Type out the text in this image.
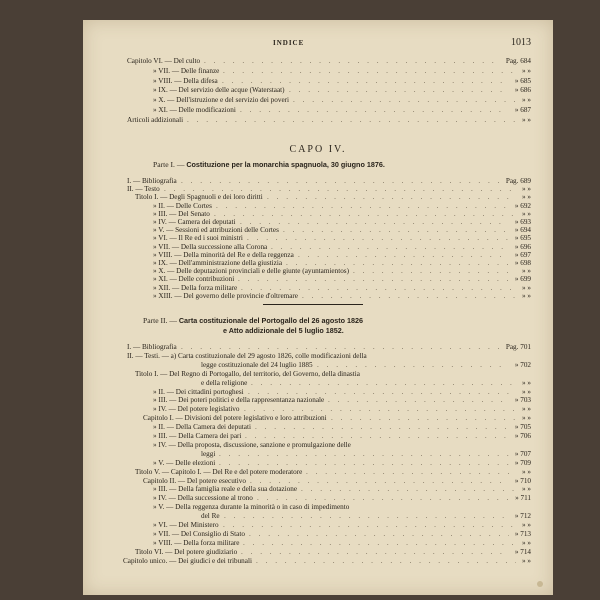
INDICE	1013
Capitolo VI. — Del culto	Pag. 684
. . .
» VII. — Delle finanze	» »
. . .
» VIII. — Della difesa	» 685
. . .
» IX. — Del servizio delle acque (Waterstaat)	» 686
. . .
» X. — Dell'istruzione e del servizio dei poveri	» »
. . .
» XI. — Delle modificazioni	» 687
. . .
Articoli addizionali	» »
. . .
CAPO IV.
Parte I. — Costituzione per la monarchia spagnuola, 30 giugno 1876.
I. — Bibliografia	Pag. 689
. . .
II. — Testo	» »
. . .
Titolo I. — Degli Spagnuoli e dei loro diritti	» »
. . .
» II. — Delle Cortes	» 692
. . .
» III. — Del Senato	» »
. . .
» IV. — Camera dei deputati	» 693
. . .
» V. — Sessioni ed attribuzioni delle Cortes	» 694
. . .
» VI. — Il Re ed i suoi ministri	» 695
. . .
» VII. — Della successione alla Corona	» 696
. . .
» VIII. — Della minorità del Re e della reggenza	» 697
. . .
» IX. — Dell'amministrazione della giustizia	» 698
. . .
» X. — Delle deputazioni provinciali e delle giunte (ayuntamientos)	» »
. . .
» XI. — Delle contribuzioni	» 699
. . .
» XII. — Della forza militare	» »
. . .
» XIII. — Del governo delle provincie d'oltremare	» »
. . .
Parte II. — Carta costituzionale del Portogallo del 26 agosto 1826
e Atto addizionale del 5 luglio 1852.
I. — Bibliografia	Pag. 701
. . .
II. — Testi. — a) Carta costituzionale del 29 agosto 1826, colle modificazioni della
legge costituzionale del 24 luglio 1885	» 702
. . .
Titolo I. — Del Regno di Portogallo, del territorio, del Governo, della dinastia
e della religione	» »
. . .
» II. — Dei cittadini portoghesi	» »
. . .
» III. — Dei poteri politici e della rappresentanza nazionale	» 703
. . .
» IV. — Del potere legislativo	» »
. . .
Capitolo I. — Divisioni del potere legislativo e loro attribuzioni	» »
. . .
» II. — Della Camera dei deputati	» 705
. . .
» III. — Della Camera dei pari	» 706
. . .
» IV. — Della proposta, discussione, sanzione e promulgazione delle
leggi	» 707
. . .
» V. — Delle elezioni	» 709
. . .
Titolo V. — Capitolo I. — Del Re e del potere moderatore	» »
. . .
Capitolo II. — Del potere esecutivo	» 710
. . .
» III. — Della famiglia reale e della sua dotazione	» »
. . .
» IV. — Della successione al trono	» 711
. . .
» V. — Della reggenza durante la minorità o in caso di impedimento
del Re	» 712
. . .
» VI. — Del Ministero	» »
. . .
» VII. — Del Consiglio di Stato	» 713
. . .
» VIII. — Della forza militare	» »
. . .
Titolo VI. — Del potere giudiziario	» 714
. . .
Capitolo unico. — Dei giudici e dei tribunali	» »
. . .
